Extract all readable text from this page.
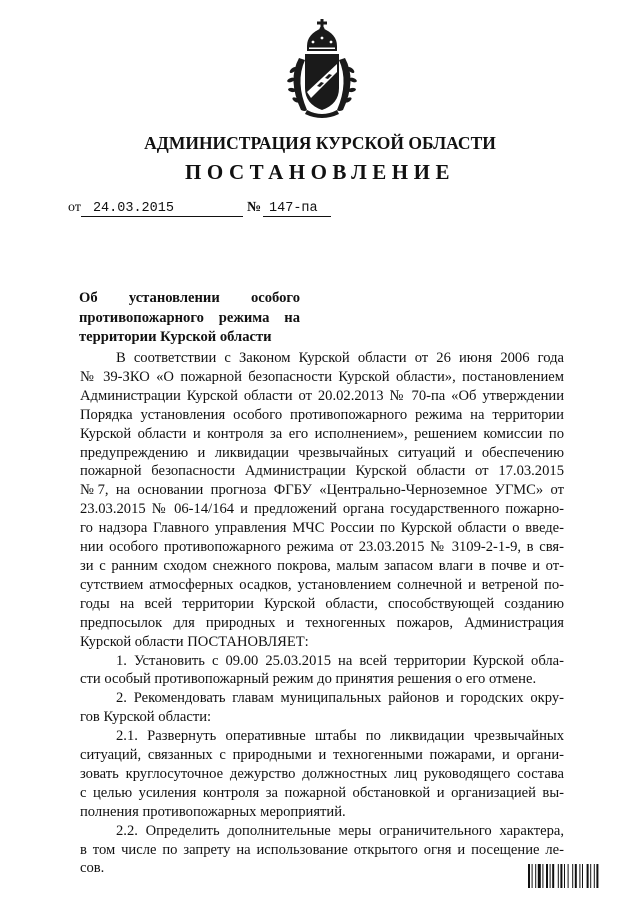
АДМИНИСТРАЦИЯ КУРСКОЙ ОБЛАСТИ
ПОСТАНОВЛЕНИЕ
от 24.03.2015	№ 147-па
Об установлении особого
противопожарного режима на
территории Курской области
В соответствии с Законом Курской области от 26 июня 2006 года
№ 39-ЗКО «О пожарной безопасности Курской области», постановлением
Администрации Курской области от 20.02.2013 № 70-па «Об утверждении
Порядка установления особого противопожарного режима на территории
Курской области и контроля за его исполнением», решением комиссии по
предупреждению и ликвидации чрезвычайных ситуаций и обеспечению
пожарной безопасности Администрации Курской области от 17.03.2015
№7, на основании прогноза ФГБУ «Центрально-Черноземное УГМС» от
23.03.2015 № 06-14/164 и предложений органа государственного пожарно-
го надзора Главного управления МЧС России по Курской области о введе-
нии особого противопожарного режима от 23.03.2015 № 3109-2-1-9, в свя-
зи с ранним сходом снежного покрова, малым запасом влаги в почве и от-
сутствием атмосферных осадков, установлением солнечной и ветреной по-
годы на всей территории Курской области, способствующей созданию
предпосылок для природных и техногенных пожаров, Администрация
Курской области ПОСТАНОВЛЯЕТ:
1. Установить с 09.00 25.03.2015 на всей территории Курской обла-
сти особый противопожарный режим до принятия решения о его отмене.
2. Рекомендовать главам муниципальных районов и городских окру-
гов Курской области:
2.1. Развернуть оперативные штабы по ликвидации чрезвычайных
ситуаций, связанных с природными и техногенными пожарами, и органи-
зовать круглосуточное дежурство должностных лиц руководящего состава
с целью усиления контроля за пожарной обстановкой и организацией вы-
полнения противопожарных мероприятий.
2.2. Определить дополнительные меры ограничительного характера,
в том числе по запрету на использование открытого огня и посещение ле-
сов.
